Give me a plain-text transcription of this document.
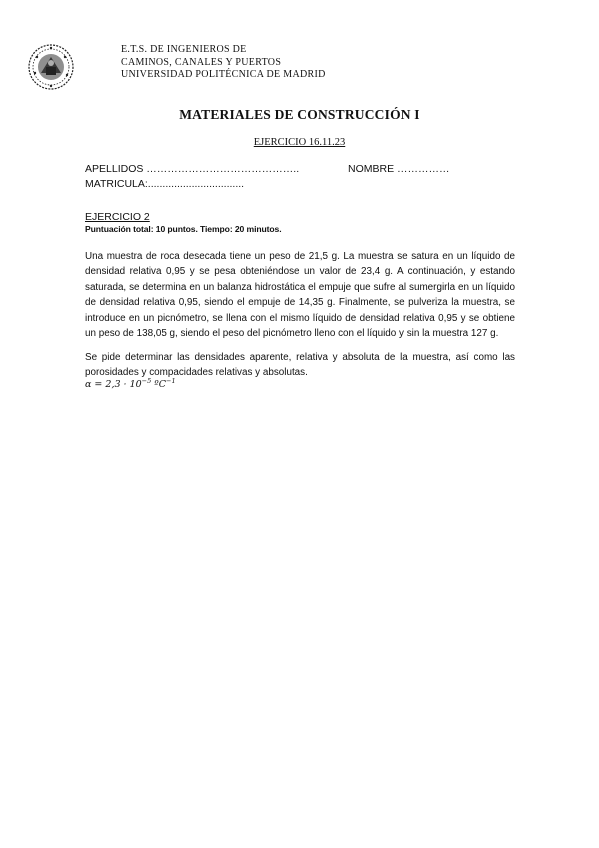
E.T.S. DE INGENIEROS DE
CAMINOS, CANALES Y PUERTOS
UNIVERSIDAD POLITÉCNICA DE MADRID
MATERIALES DE CONSTRUCCIÓN I
EJERCICIO 16.11.23
APELLIDOS ……………………………………..	NOMBRE ……………
MATRICULA:.................................
EJERCICIO 2
Puntuación total: 10 puntos. Tiempo: 20 minutos.
Una muestra de roca desecada tiene un peso de 21,5 g. La muestra se satura en un líquido de densidad relativa 0,95 y se pesa obteniéndose un valor de 23,4 g. A continuación, y estando saturada, se determina en un balanza hidrostática el empuje que sufre al sumergirla en un líquido de densidad relativa 0,95, siendo el empuje de 14,35 g. Finalmente, se pulveriza la muestra, se introduce en un picnómetro, se llena con el mismo líquido de densidad relativa 0,95 y se obtiene un peso de 138,05 g, siendo el peso del picnómetro lleno con el líquido y sin la muestra 127 g.
Se pide determinar las densidades aparente, relativa y absoluta de la muestra, así como las porosidades y compacidades relativas y absolutas.
$\alpha = 2,3 \cdot 10^{-5}$ ºC$^{-1}$
